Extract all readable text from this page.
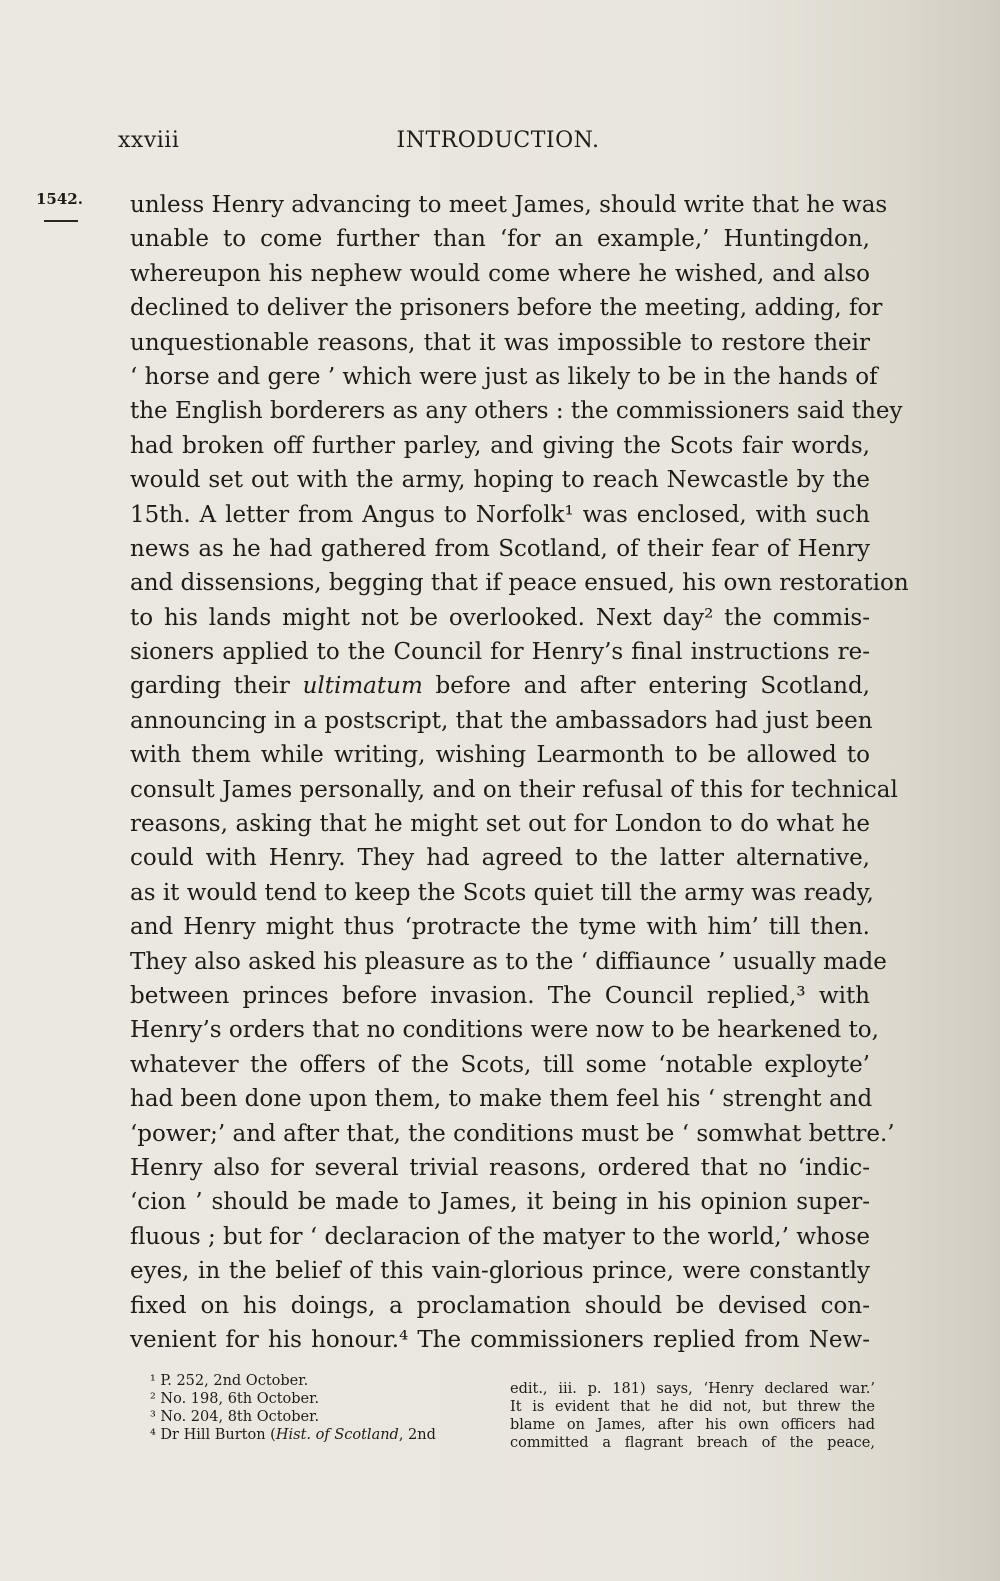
xxviii	INTRODUCTION.
1542. unless Henry advancing to meet James, should write that he was
unable to come further than ‘for an example,’ Huntingdon,
whereupon his nephew would come where he wished, and also
declined to deliver the prisoners before the meeting, adding, for
unquestionable reasons, that it was impossible to restore their
‘ horse and gere ’ which were just as likely to be in the hands of
the English borderers as any others : the commissioners said they
had broken off further parley, and giving the Scots fair words,
would set out with the army, hoping to reach Newcastle by the
15th. A letter from Angus to Norfolk¹ was enclosed, with such
news as he had gathered from Scotland, of their fear of Henry
and dissensions, begging that if peace ensued, his own restoration
to his lands might not be overlooked. Next day² the commis-
sioners applied to the Council for Henry’s final instructions re-
garding their ultimatum before and after entering Scotland,
announcing in a postscript, that the ambassadors had just been
with them while writing, wishing Learmonth to be allowed to
consult James personally, and on their refusal of this for technical
reasons, asking that he might set out for London to do what he
could with Henry. They had agreed to the latter alternative,
as it would tend to keep the Scots quiet till the army was ready,
and Henry might thus ‘protracte the tyme with him’ till then.
They also asked his pleasure as to the ‘ diffiaunce ’ usually made
between princes before invasion. The Council replied,³ with
Henry’s orders that no conditions were now to be hearkened to,
whatever the offers of the Scots, till some ‘notable exployte’
had been done upon them, to make them feel his ‘ strenght and
‘power;’ and after that, the conditions must be ‘ somwhat bettre.’
Henry also for several trivial reasons, ordered that no ‘indic-
‘cion ’ should be made to James, it being in his opinion super-
fluous ; but for ‘ declaracion of the matyer to the world,’ whose
eyes, in the belief of this vain-glorious prince, were constantly
fixed on his doings, a proclamation should be devised con-
venient for his honour.⁴ The commissioners replied from New-
¹ P. 252, 2nd October.
² No. 198, 6th October.
³ No. 204, 8th October.
⁴ Dr Hill Burton (Hist. of Scotland, 2nd
edit., iii. p. 181) says, ‘Henry declared war.’
It is evident that he did not, but threw the
blame on James, after his own officers had
committed a flagrant breach of the peace,
